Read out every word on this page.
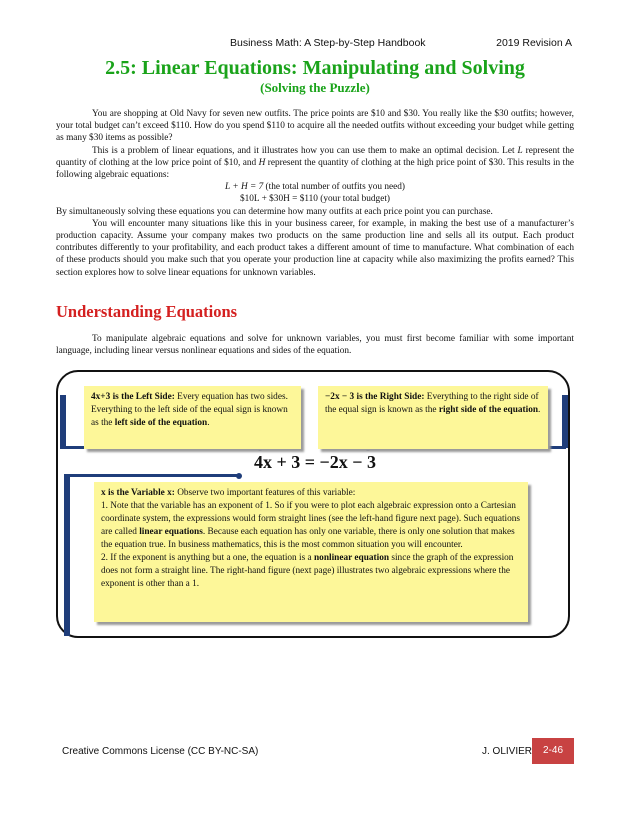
Business Math: A Step-by-Step Handbook	2019 Revision A
2.5: Linear Equations: Manipulating and Solving
(Solving the Puzzle)

You are shopping at Old Navy for seven new outfits. The price points are $10 and $30. You really like the $30 outfits; however, your total budget can’t exceed $110. How do you spend $110 to acquire all the needed outfits without exceeding your budget while getting as many $30 items as possible?

This is a problem of linear equations, and it illustrates how you can use them to make an optimal decision. Let L represent the quantity of clothing at the low price point of $10, and H represent the quantity of clothing at the high price point of $30. This results in the following algebraic equations:

L + H = 7 (the total number of outfits you need)

$10L + $30H = $110 (your total budget)

By simultaneously solving these equations you can determine how many outfits at each price point you can purchase.

You will encounter many situations like this in your business career, for example, in making the best use of a manufacturer’s production capacity. Assume your company makes two products on the same production line and sells all its output. Each product contributes differently to your profitability, and each product takes a different amount of time to manufacture. What combination of each of these products should you make such that you operate your production line at capacity while also maximizing the profits earned? This section explores how to solve linear equations for unknown variables.

Understanding Equations

To manipulate algebraic equations and solve for unknown variables, you must first become familiar with some important language, including linear versus nonlinear equations and sides of the equation.

4x+3 is the Left Side: Every equation has two sides. Everything to the left side of the equal sign is known as the left side of the equation.
−2x − 3 is the Right Side: Everything to the right side of the equal sign is known as the right side of the equation.
4x + 3 = −2x − 3
x is the Variable x: Observe two important features of this variable:
1. Note that the variable has an exponent of 1. So if you were to plot each algebraic expression onto a Cartesian coordinate system, the expressions would form straight lines (see the left-hand figure next page). Such equations are called linear equations. Because each equation has only one variable, there is only one solution that makes the equation true. In business mathematics, this is the most common situation you will encounter.
2. If the exponent is anything but a one, the equation is a nonlinear equation since the graph of the expression does not form a straight line. The right-hand figure (next page) illustrates two algebraic expressions where the exponent is other than a 1.
Creative Commons License (CC BY-NC-SA)	J. OLIVIER	2-46
